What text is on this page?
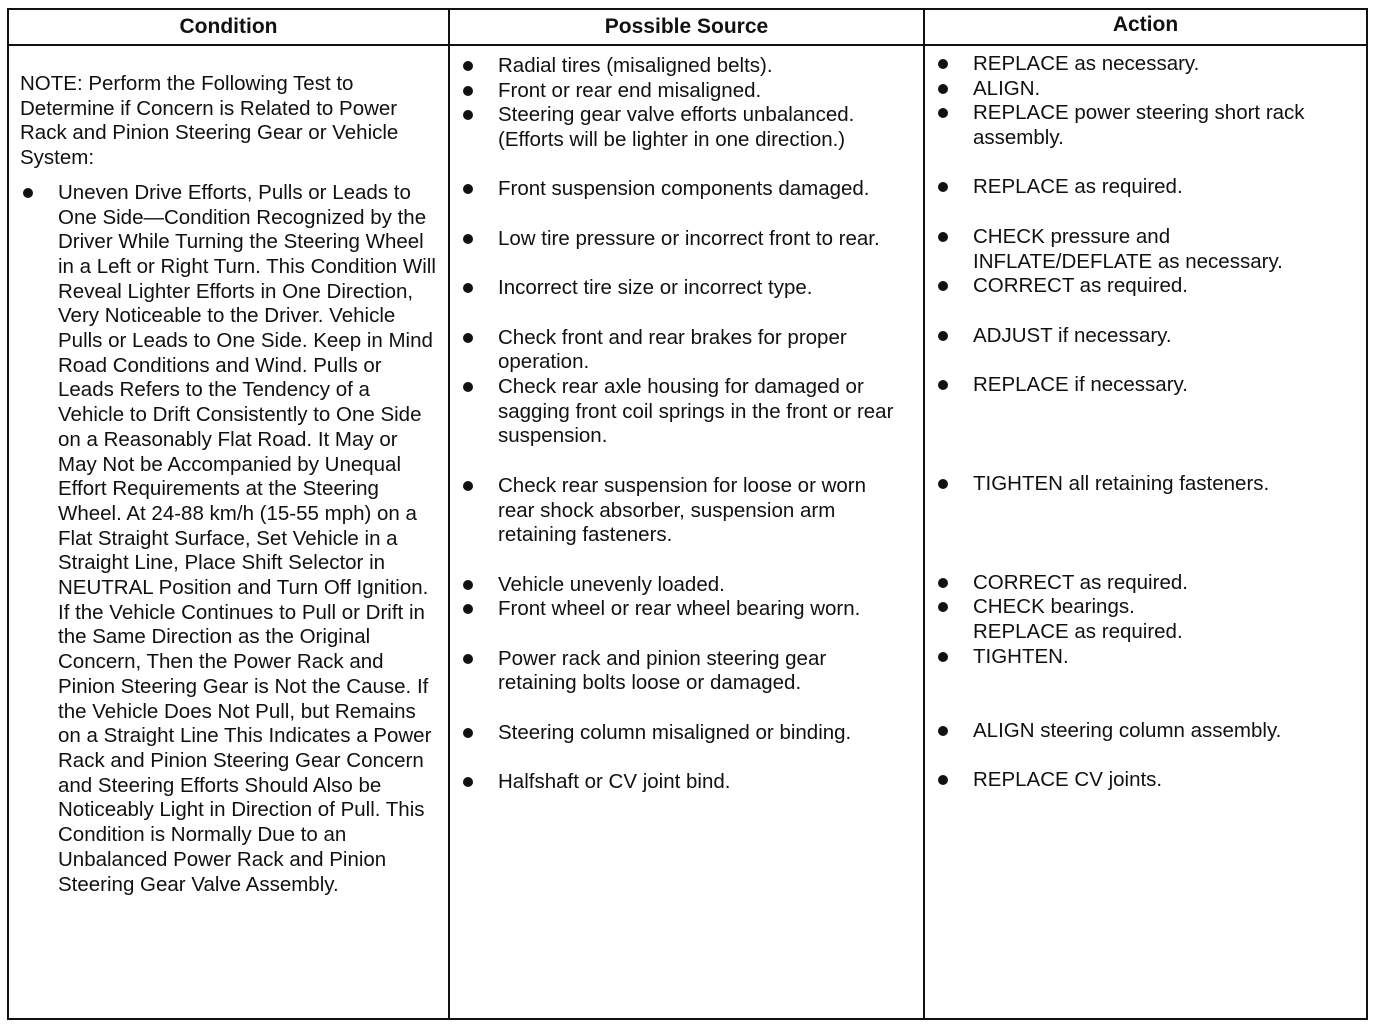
Condition	Possible Source	Action

NOTE: Perform the Following Test to Determine if Concern is Related to Power Rack and Pinion Steering Gear or Vehicle System:

Uneven Drive Efforts, Pulls or Leads to One Side—Condition Recognized by the Driver While Turning the Steering Wheel in a Left or Right Turn. This Condition Will Reveal Lighter Efforts in One Direction, Very Noticeable to the Driver. Vehicle Pulls or Leads to One Side. Keep in Mind Road Conditions and Wind. Pulls or Leads Refers to the Tendency of a Vehicle to Drift Consistently to One Side on a Reasonably Flat Road. It May or May Not be Accompanied by Unequal Effort Requirements at the Steering Wheel. At 24-88 km/h (15-55 mph) on a Flat Straight Surface, Set Vehicle in a Straight Line, Place Shift Selector in NEUTRAL Position and Turn Off Ignition. If the Vehicle Continues to Pull or Drift in the Same Direction as the Original Concern, Then the Power Rack and Pinion Steering Gear is Not the Cause. If the Vehicle Does Not Pull, but Remains on a Straight Line This Indicates a Power Rack and Pinion Steering Gear Concern and Steering Efforts Should Also be Noticeably Light in Direction of Pull. This Condition is Normally Due to an Unbalanced Power Rack and Pinion Steering Gear Valve Assembly.
Radial tires (misaligned belts).
Front or rear end misaligned.
Steering gear valve efforts unbalanced. (Efforts will be lighter in one direction.)
Front suspension components damaged.
Low tire pressure or incorrect front to rear.
Incorrect tire size or incorrect type.
Check front and rear brakes for proper operation.
Check rear axle housing for damaged or sagging front coil springs in the front or rear suspension.
Check rear suspension for loose or worn rear shock absorber, suspension arm retaining fasteners.
Vehicle unevenly loaded.
Front wheel or rear wheel bearing worn.
Power rack and pinion steering gear retaining bolts loose or damaged.
Steering column misaligned or binding.
Halfshaft or CV joint bind.
REPLACE as necessary.
ALIGN.
REPLACE power steering short rack assembly.
REPLACE as required.
CHECK pressure and
INFLATE/DEFLATE as necessary.
CORRECT as required.
ADJUST if necessary.
REPLACE if necessary.
TIGHTEN all retaining fasteners.
CORRECT as required.
CHECK bearings.
REPLACE as required.
TIGHTEN.
ALIGN steering column assembly.
REPLACE CV joints.
